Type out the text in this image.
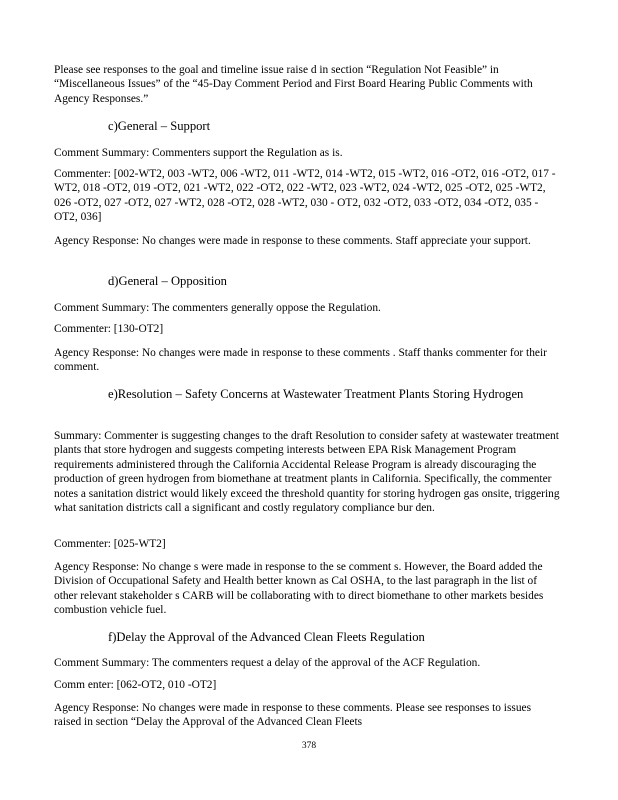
Please see responses to the goal and timeline issue raise d in section “Regulation Not Feasible” in “Miscellaneous Issues” of the “45-Day Comment Period and First Board Hearing Public Comments with Agency Responses.”

c)General – Support

Comment Summary: Commenters support the Regulation as is.

Commenter: [002-WT2, 003 -WT2, 006 -WT2, 011 -WT2, 014 -WT2, 015 -WT2, 016 -OT2, 016 -OT2, 017 -WT2, 018 -OT2, 019 -OT2, 021 -WT2, 022 -OT2, 022 -WT2, 023 -WT2, 024 -WT2, 025 -OT2, 025 -WT2, 026 -OT2, 027 -OT2, 027 -WT2, 028 -OT2, 028 -WT2, 030 - OT2, 032 -OT2, 033 -OT2, 034 -OT2, 035 -OT2, 036]

Agency Response: No changes were made in response to these comments. Staff appreciate your support.

d)General – Opposition

Comment Summary: The commenters generally oppose the Regulation.

Commenter: [130-OT2]

Agency Response: No changes were made in response to these comments . Staff thanks commenter for their comment.

e)Resolution – Safety Concerns at Wastewater Treatment Plants Storing Hydrogen

Summary: Commenter is suggesting changes to the draft Resolution to consider safety at wastewater treatment plants that store hydrogen and suggests competing interests between EPA Risk Management Program requirements administered through the California Accidental Release Program is already discouraging the production of green hydrogen from biomethane at treatment plants in California. Specifically, the commenter notes a sanitation district would likely exceed the threshold quantity for storing hydrogen gas onsite, triggering what sanitation districts call a significant and costly regulatory compliance bur den.

Commenter: [025-WT2]

Agency Response: No change s were made in response to the se comment s. However, the Board added the Division of Occupational Safety and Health better known as Cal OSHA, to the last paragraph in the list of other relevant stakeholder s CARB will be collaborating with to direct biomethane to other markets besides combustion vehicle fuel.

f)Delay the Approval of the Advanced Clean Fleets Regulation

Comment Summary: The commenters request a delay of the approval of the ACF Regulation.

Comm enter: [062-OT2, 010 -OT2]

Agency Response: No changes were made in response to these comments. Please see responses to issues raised in section “Delay the Approval of the Advanced Clean Fleets

378
